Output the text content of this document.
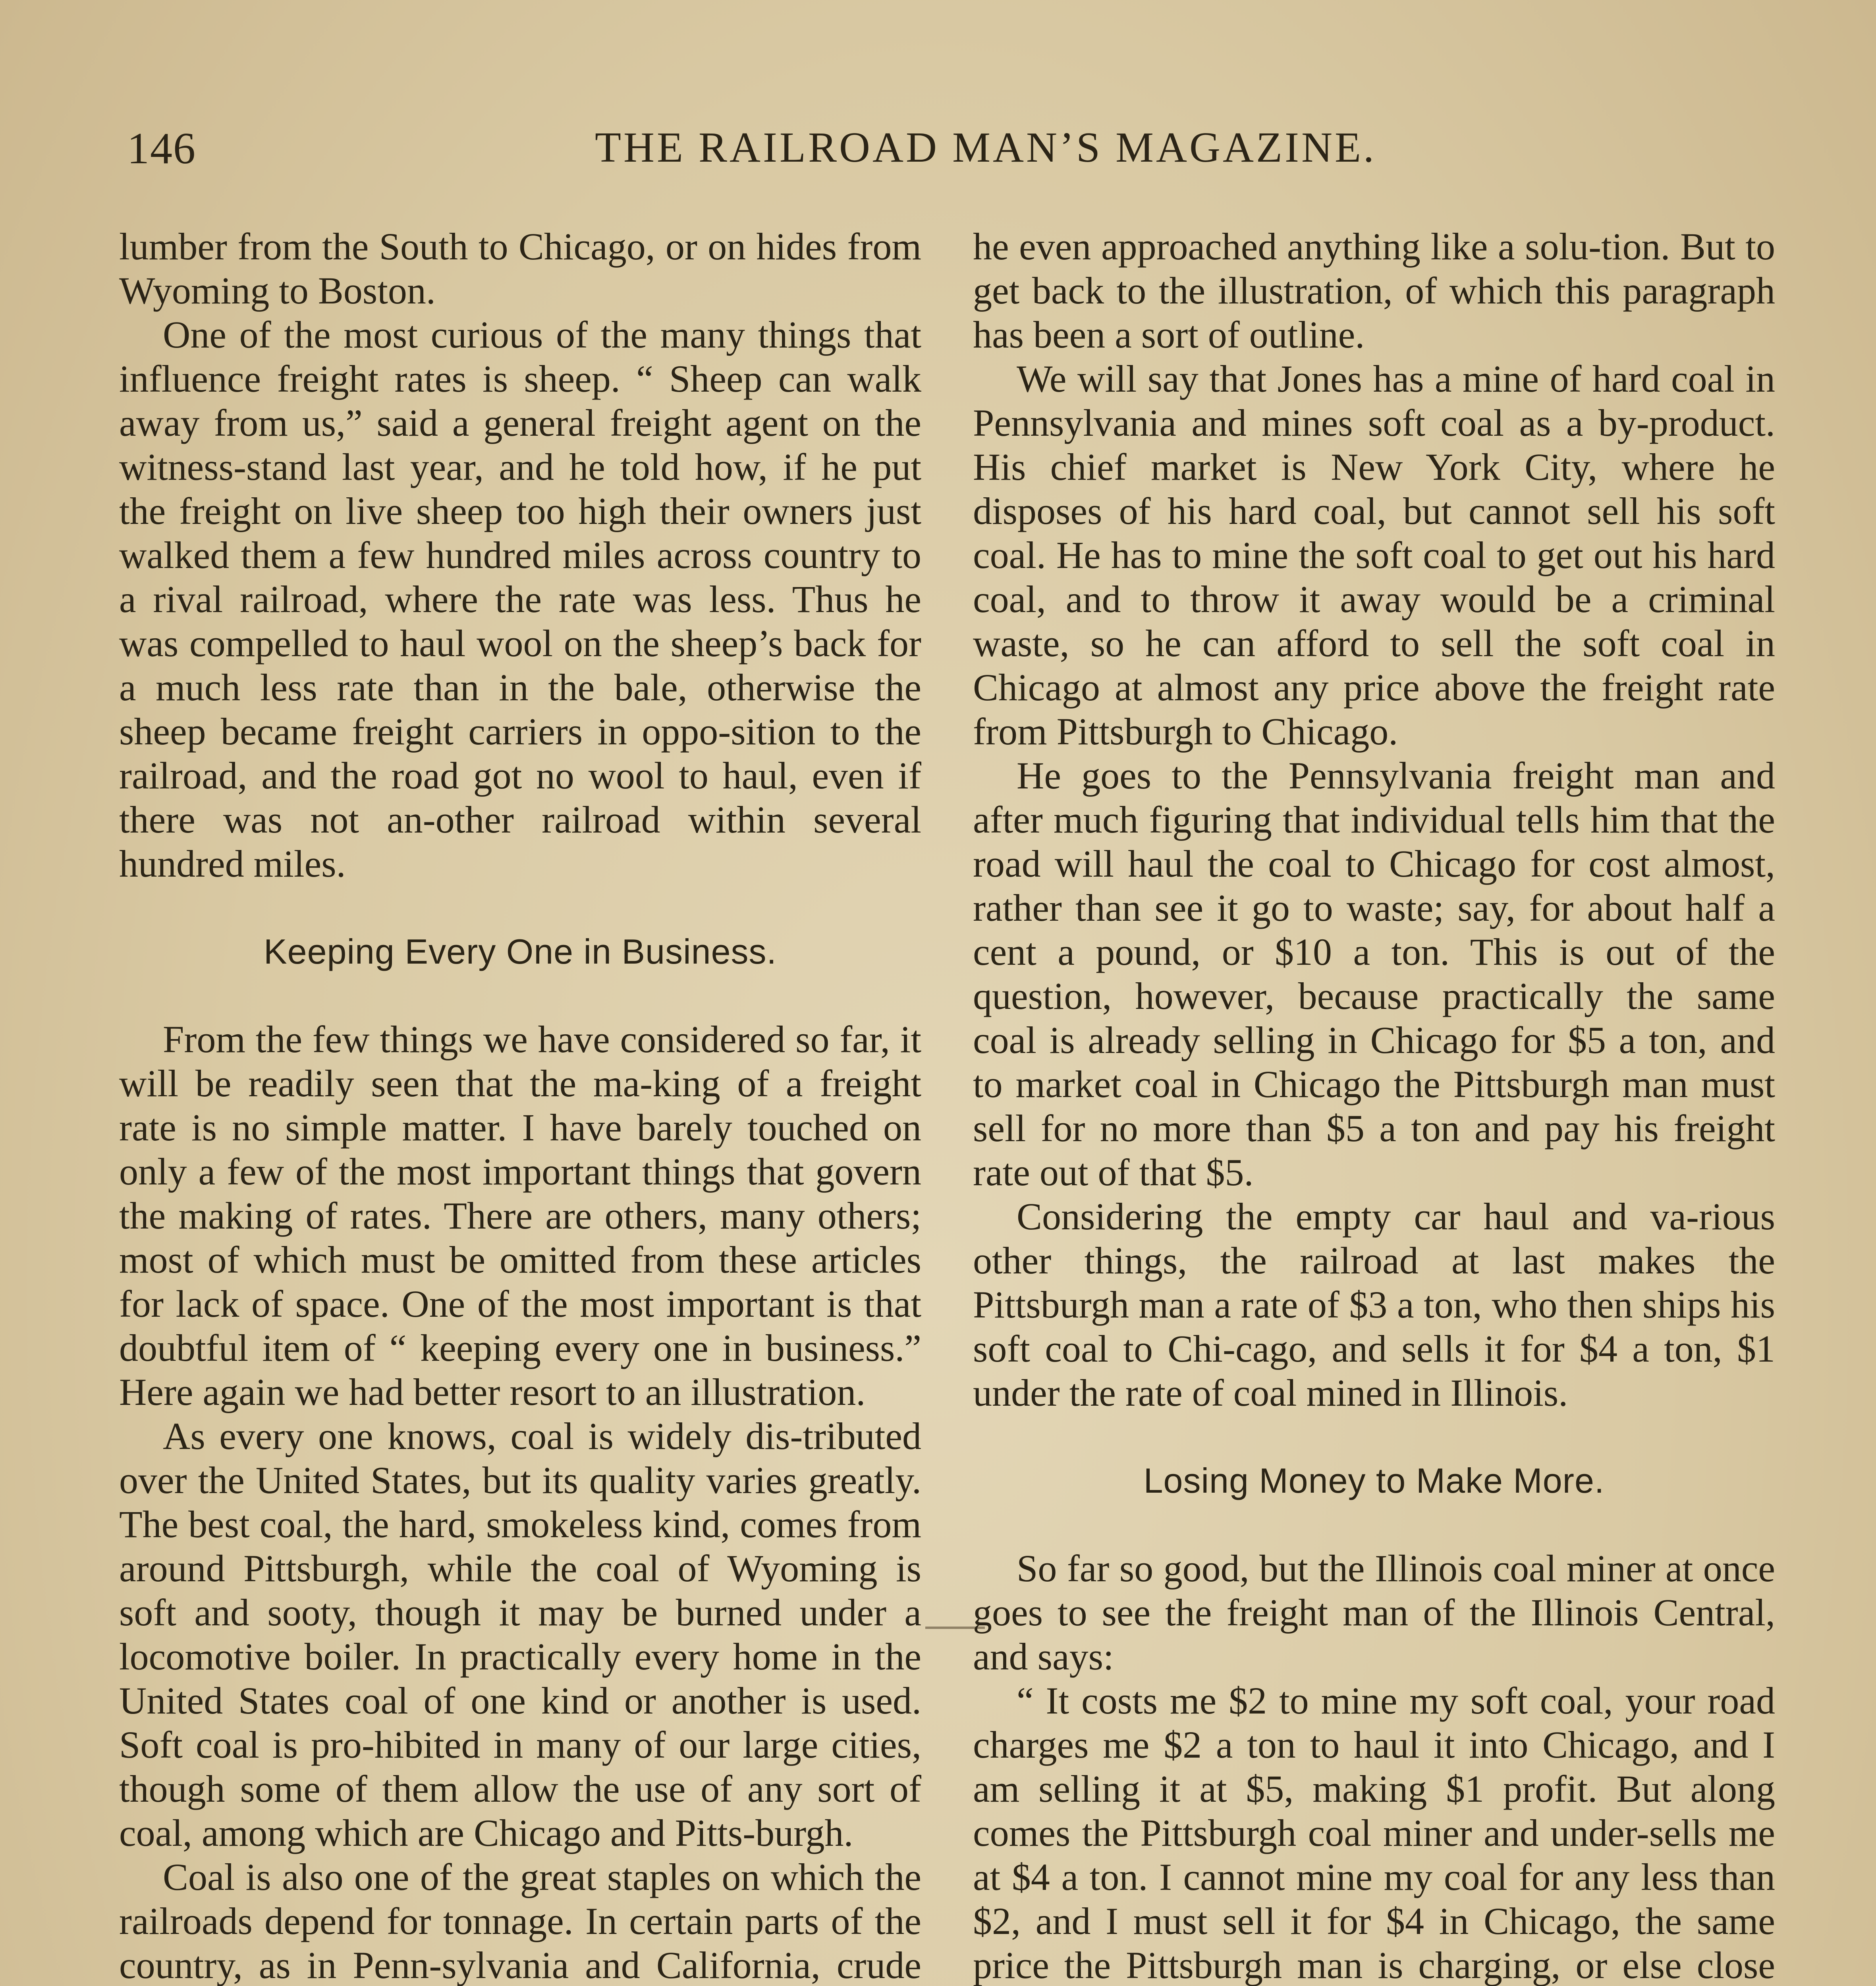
146	THE RAILROAD MAN’S MAGAZINE.

lumber from the South to Chicago, or on hides from Wyoming to Boston.

One of the most curious of the many things that influence freight rates is sheep. “ Sheep can walk away from us,” said a general freight agent on the witness-stand last year, and he told how, if he put the freight on live sheep too high their owners just walked them a few hundred miles across country to a rival railroad, where the rate was less. Thus he was compelled to haul wool on the sheep’s back for a much less rate than in the bale, otherwise the sheep became freight carriers in oppo-sition to the railroad, and the road got no wool to haul, even if there was not an-other railroad within several hundred miles.

Keeping Every One in Business.

From the few things we have considered so far, it will be readily seen that the ma-king of a freight rate is no simple matter. I have barely touched on only a few of the most important things that govern the making of rates. There are others, many others; most of which must be omitted from these articles for lack of space. One of the most important is that doubtful item of “ keeping every one in business.” Here again we had better resort to an illustration.

As every one knows, coal is widely dis-tributed over the United States, but its quality varies greatly. The best coal, the hard, smokeless kind, comes from around Pittsburgh, while the coal of Wyoming is soft and sooty, though it may be burned under a locomotive boiler. In practically every home in the United States coal of one kind or another is used. Soft coal is pro-hibited in many of our large cities, though some of them allow the use of any sort of coal, among which are Chicago and Pitts-burgh.

Coal is also one of the great staples on which the railroads depend for tonnage. In certain parts of the country, as in Penn-sylvania and California, crude

he even approached anything like a solu-tion. But to get back to the illustration, of which this paragraph has been a sort of outline.

We will say that Jones has a mine of hard coal in Pennsylvania and mines soft coal as a by-product. His chief market is New York City, where he disposes of his hard coal, but cannot sell his soft coal. He has to mine the soft coal to get out his hard coal, and to throw it away would be a criminal waste, so he can afford to sell the soft coal in Chicago at almost any price above the freight rate from Pittsburgh to Chicago.

He goes to the Pennsylvania freight man and after much figuring that individual tells him that the road will haul the coal to Chicago for cost almost, rather than see it go to waste; say, for about half a cent a pound, or $10 a ton. This is out of the question, however, because practically the same coal is already selling in Chicago for $5 a ton, and to market coal in Chicago the Pittsburgh man must sell for no more than $5 a ton and pay his freight rate out of that $5.

Considering the empty car haul and va-rious other things, the railroad at last makes the Pittsburgh man a rate of $3 a ton, who then ships his soft coal to Chi-cago, and sells it for $4 a ton, $1 under the rate of coal mined in Illinois.

Losing Money to Make More.

So far so good, but the Illinois coal miner at once goes to see the freight man of the Illinois Central, and says:

“ It costs me $2 to mine my soft coal, your road charges me $2 a ton to haul it into Chicago, and I am selling it at $5, making $1 profit. But along comes the Pittsburgh coal miner and under-sells me at $4 a ton. I cannot mine my coal for any less than $2, and I must sell it for $4 in Chicago, the same price the Pittsburgh man is charging, or else close
